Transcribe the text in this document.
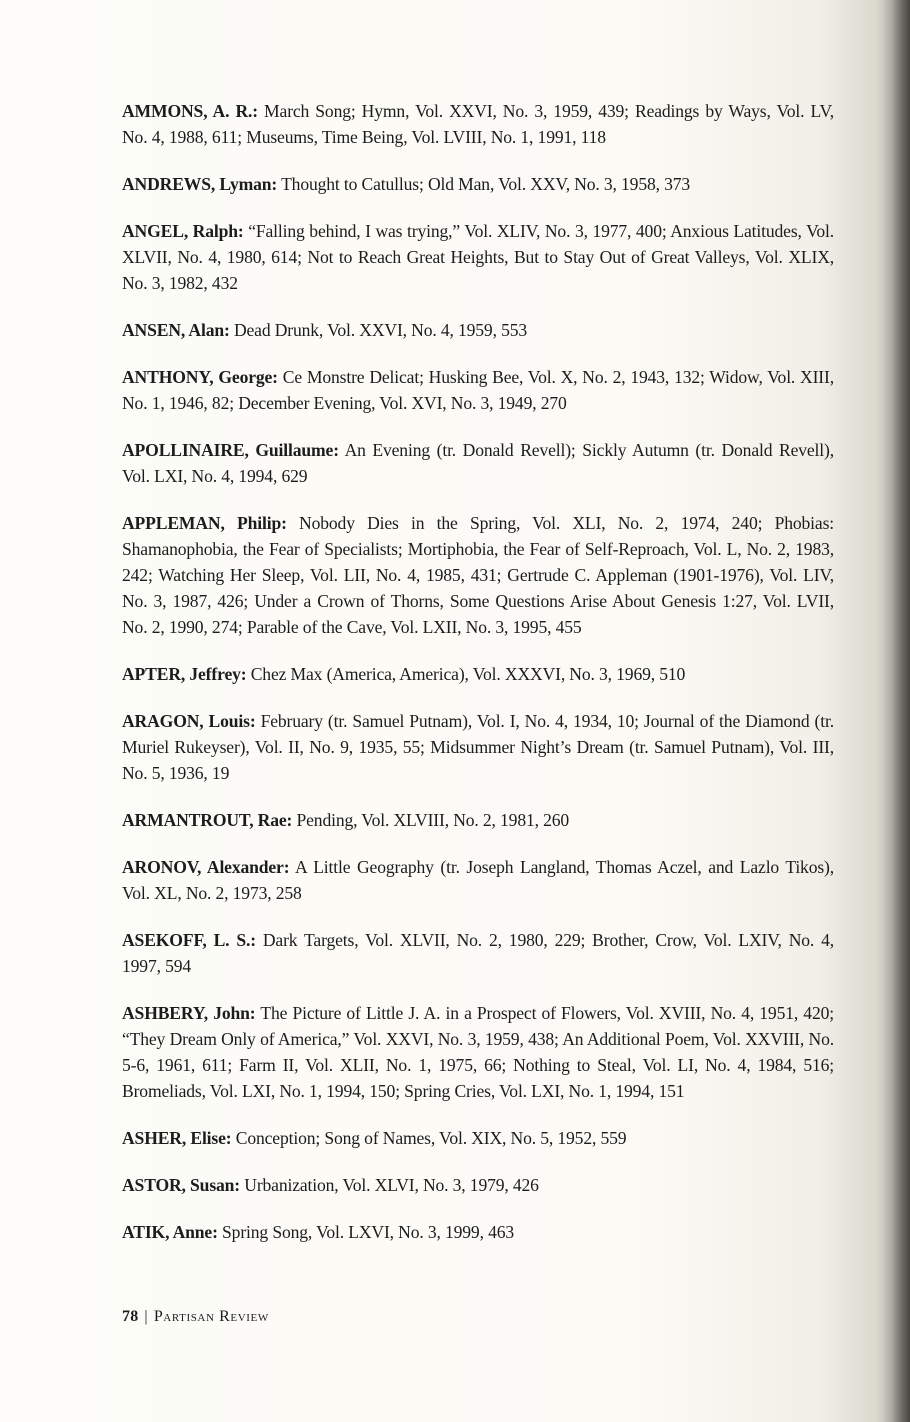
AMMONS, A. R.: March Song; Hymn, Vol. XXVI, No. 3, 1959, 439; Readings by Ways, Vol. LV, No. 4, 1988, 611; Museums, Time Being, Vol. LVIII, No. 1, 1991, 118

ANDREWS, Lyman: Thought to Catullus; Old Man, Vol. XXV, No. 3, 1958, 373

ANGEL, Ralph: “Falling behind, I was trying,” Vol. XLIV, No. 3, 1977, 400; Anxious Latitudes, Vol. XLVII, No. 4, 1980, 614; Not to Reach Great Heights, But to Stay Out of Great Valleys, Vol. XLIX, No. 3, 1982, 432

ANSEN, Alan: Dead Drunk, Vol. XXVI, No. 4, 1959, 553

ANTHONY, George: Ce Monstre Delicat; Husking Bee, Vol. X, No. 2, 1943, 132; Widow, Vol. XIII, No. 1, 1946, 82; December Evening, Vol. XVI, No. 3, 1949, 270

APOLLINAIRE, Guillaume: An Evening (tr. Donald Revell); Sickly Autumn (tr. Donald Revell), Vol. LXI, No. 4, 1994, 629

APPLEMAN, Philip: Nobody Dies in the Spring, Vol. XLI, No. 2, 1974, 240; Phobias: Shamanophobia, the Fear of Specialists; Mortiphobia, the Fear of Self-Reproach, Vol. L, No. 2, 1983, 242; Watching Her Sleep, Vol. LII, No. 4, 1985, 431; Gertrude C. Appleman (1901-1976), Vol. LIV, No. 3, 1987, 426; Under a Crown of Thorns, Some Questions Arise About Genesis 1:27, Vol. LVII, No. 2, 1990, 274; Parable of the Cave, Vol. LXII, No. 3, 1995, 455

APTER, Jeffrey: Chez Max (America, America), Vol. XXXVI, No. 3, 1969, 510

ARAGON, Louis: February (tr. Samuel Putnam), Vol. I, No. 4, 1934, 10; Journal of the Diamond (tr. Muriel Rukeyser), Vol. II, No. 9, 1935, 55; Midsummer Night’s Dream (tr. Samuel Putnam), Vol. III, No. 5, 1936, 19

ARMANTROUT, Rae: Pending, Vol. XLVIII, No. 2, 1981, 260

ARONOV, Alexander: A Little Geography (tr. Joseph Langland, Thomas Aczel, and Lazlo Tikos), Vol. XL, No. 2, 1973, 258

ASEKOFF, L. S.: Dark Targets, Vol. XLVII, No. 2, 1980, 229; Brother, Crow, Vol. LXIV, No. 4, 1997, 594

ASHBERY, John: The Picture of Little J. A. in a Prospect of Flowers, Vol. XVIII, No. 4, 1951, 420; “They Dream Only of America,” Vol. XXVI, No. 3, 1959, 438; An Additional Poem, Vol. XXVIII, No. 5-6, 1961, 611; Farm II, Vol. XLII, No. 1, 1975, 66; Nothing to Steal, Vol. LI, No. 4, 1984, 516; Bromeliads, Vol. LXI, No. 1, 1994, 150; Spring Cries, Vol. LXI, No. 1, 1994, 151

ASHER, Elise: Conception; Song of Names, Vol. XIX, No. 5, 1952, 559

ASTOR, Susan: Urbanization, Vol. XLVI, No. 3, 1979, 426

ATIK, Anne: Spring Song, Vol. LXVI, No. 3, 1999, 463

78 | Partisan Review
